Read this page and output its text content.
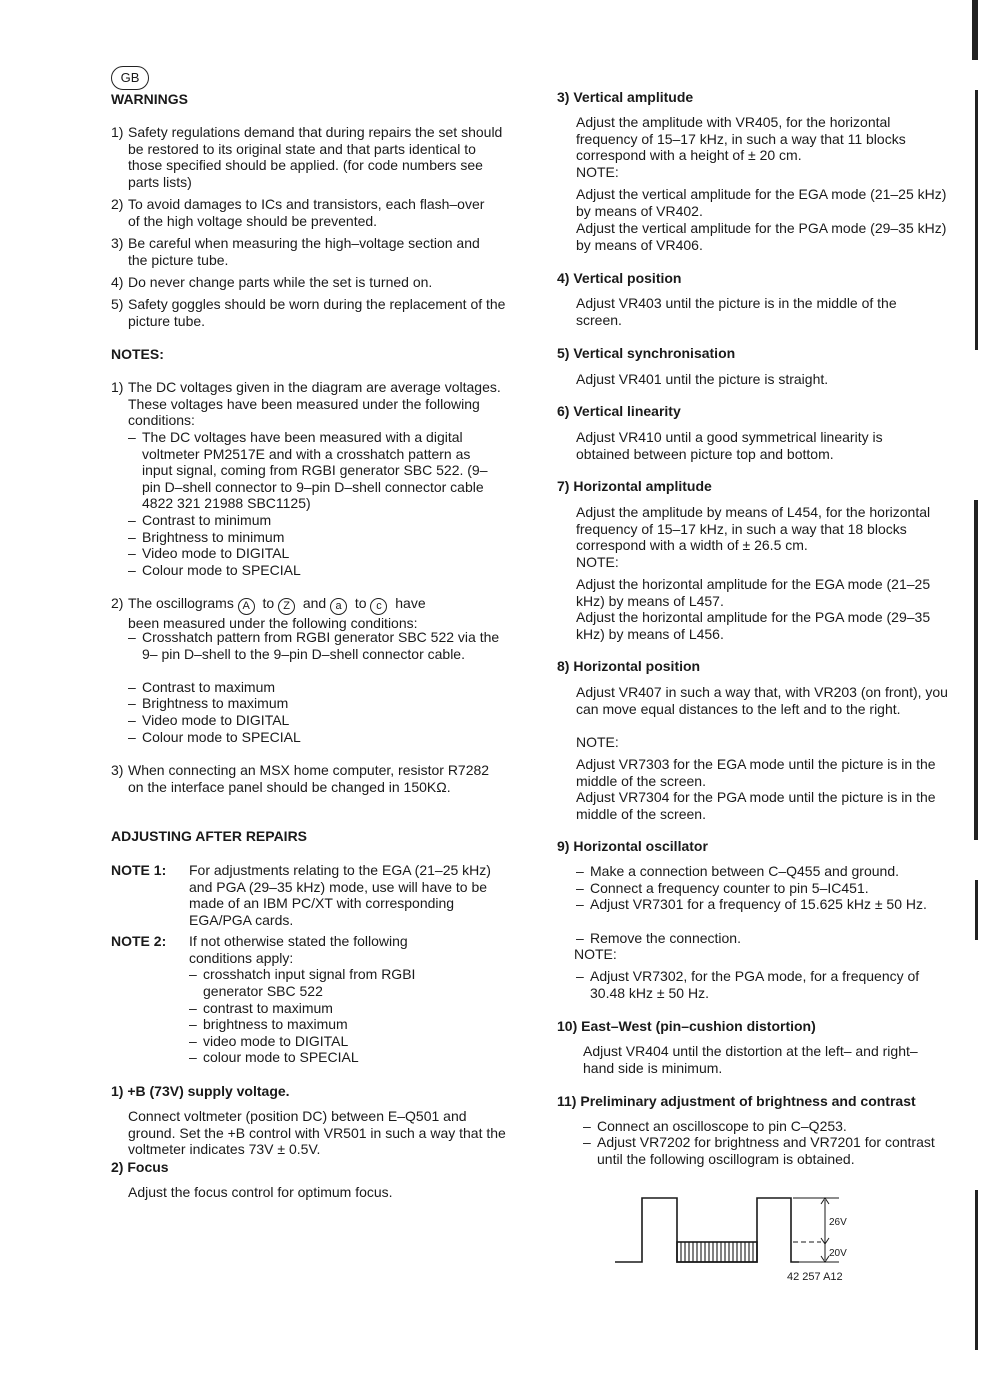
GB
WARNINGS
1) Safety regulations demand that during repairs the set should be restored to its original state and that parts identical to those specified should be applied. (for code numbers see parts lists)
2) To avoid damages to ICs and transistors, each flash–over of the high voltage should be prevented.
3) Be careful when measuring the high–voltage section and the picture tube.
4) Do never change parts while the set is turned on.
5) Safety goggles should be worn during the replacement of the picture tube.
NOTES:
1) The DC voltages given in the diagram are average voltages. These voltages have been measured under the following conditions:
– The DC voltages have been measured with a digital voltmeter PM2517E and with a crosshatch pattern as input signal, coming from RGBI generator SBC 522. (9–pin D–shell connector to 9–pin D–shell connector cable 4822 321 21988 SBC1125)
– Contrast to minimum
– Brightness to minimum
– Video mode to DIGITAL
– Colour mode to SPECIAL
2) The oscillograms A to Z and a to c have
been measured under the following conditions:
– Crosshatch pattern from RGBI generator SBC 522 via the 9– pin D–shell to the 9–pin D–shell connector cable.
– Contrast to maximum
– Brightness to maximum
– Video mode to DIGITAL
– Colour mode to SPECIAL
3) When connecting an MSX home computer, resistor R7282 on the interface panel should be changed in 150KΩ.
ADJUSTING AFTER REPAIRS
NOTE 1: For adjustments relating to the EGA (21–25 kHz) and PGA (29–35 kHz) mode, use will have to be made of an IBM PC/XT with corresponding EGA/PGA cards.
NOTE 2: If not otherwise stated the following conditions apply:
– crosshatch input signal from RGBI generator SBC 522
– contrast to maximum
– brightness to maximum
– video mode to DIGITAL
– colour mode to SPECIAL
1) +B (73V) supply voltage.
Connect voltmeter (position DC) between E–Q501 and ground. Set the +B control with VR501 in such a way that the voltmeter indicates 73V ± 0.5V.
2) Focus
Adjust the focus control for optimum focus.
3) Vertical amplitude
Adjust the amplitude with VR405, for the horizontal frequency of 15–17 kHz, in such a way that 11 blocks correspond with a height of ± 20 cm.
NOTE:
Adjust the vertical amplitude for the EGA mode (21–25 kHz) by means of VR402.
Adjust the vertical amplitude for the PGA mode (29–35 kHz) by means of VR406.
4) Vertical position
Adjust VR403 until the picture is in the middle of the screen.
5) Vertical synchronisation
Adjust VR401 until the picture is straight.
6) Vertical linearity
Adjust VR410 until a good symmetrical linearity is obtained between picture top and bottom.
7) Horizontal amplitude
Adjust the amplitude by means of L454, for the horizontal frequency of 15–17 kHz, in such a way that 18 blocks correspond with a width of ± 26.5 cm.
NOTE:
Adjust the horizontal amplitude for the EGA mode (21–25 kHz) by means of L457.
Adjust the horizontal amplitude for the PGA mode (29–35 kHz) by means of L456.
8) Horizontal position
Adjust VR407 in such a way that, with VR203 (on front), you can move equal distances to the left and to the right.
NOTE:
Adjust VR7303 for the EGA mode until the picture is in the middle of the screen.
Adjust VR7304 for the PGA mode until the picture is in the middle of the screen.
9) Horizontal oscillator
– Make a connection between C–Q455 and ground.
– Connect a frequency counter to pin 5–IC451.
– Adjust VR7301 for a frequency of 15.625 kHz ± 50 Hz.
– Remove the connection.
NOTE:
– Adjust VR7302, for the PGA mode, for a frequency of 30.48 kHz ± 50 Hz.
10) East–West (pin–cushion distortion)
Adjust VR404 until the distortion at the left– and right–hand side is minimum.
11) Preliminary adjustment of brightness and contrast
– Connect an oscilloscope to pin C–Q253.
– Adjust VR7202 for brightness and VR7201 for contrast until the following oscillogram is obtained.
26V
20V
42 257 A12
